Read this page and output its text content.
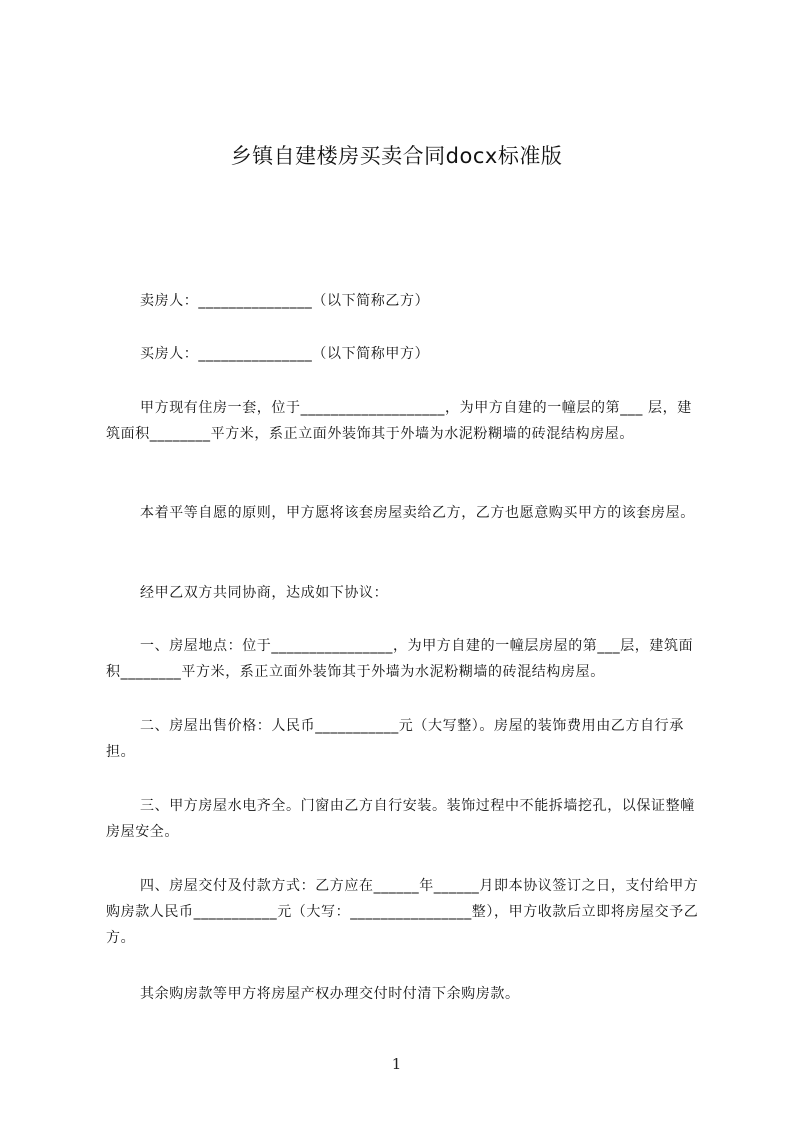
乡镇自建楼房买卖合同docx标准版

卖房人：_______________（以下简称乙方）

买房人：_______________（以下简称甲方）

甲方现有住房一套，位于___________________，为甲方自建的一幢层的第___ 层，建筑面积________平方米，系正立面外装饰其于外墙为水泥粉糊墙的砖混结构房屋。

本着平等自愿的原则，甲方愿将该套房屋卖给乙方，乙方也愿意购买甲方的该套房屋。

经甲乙双方共同协商，达成如下协议：

一、房屋地点：位于________________，为甲方自建的一幢层房屋的第___层，建筑面积________平方米，系正立面外装饰其于外墙为水泥粉糊墙的砖混结构房屋。

二、房屋出售价格：人民币___________元（大写整）。房屋的装饰费用由乙方自行承担。

三、甲方房屋水电齐全。门窗由乙方自行安装。装饰过程中不能拆墙挖孔，以保证整幢房屋安全。

四、房屋交付及付款方式：乙方应在______年______月即本协议签订之日，支付给甲方购房款人民币___________元（大写：________________整），甲方收款后立即将房屋交予乙方。

其余购房款等甲方将房屋产权办理交付时付清下余购房款。

1
